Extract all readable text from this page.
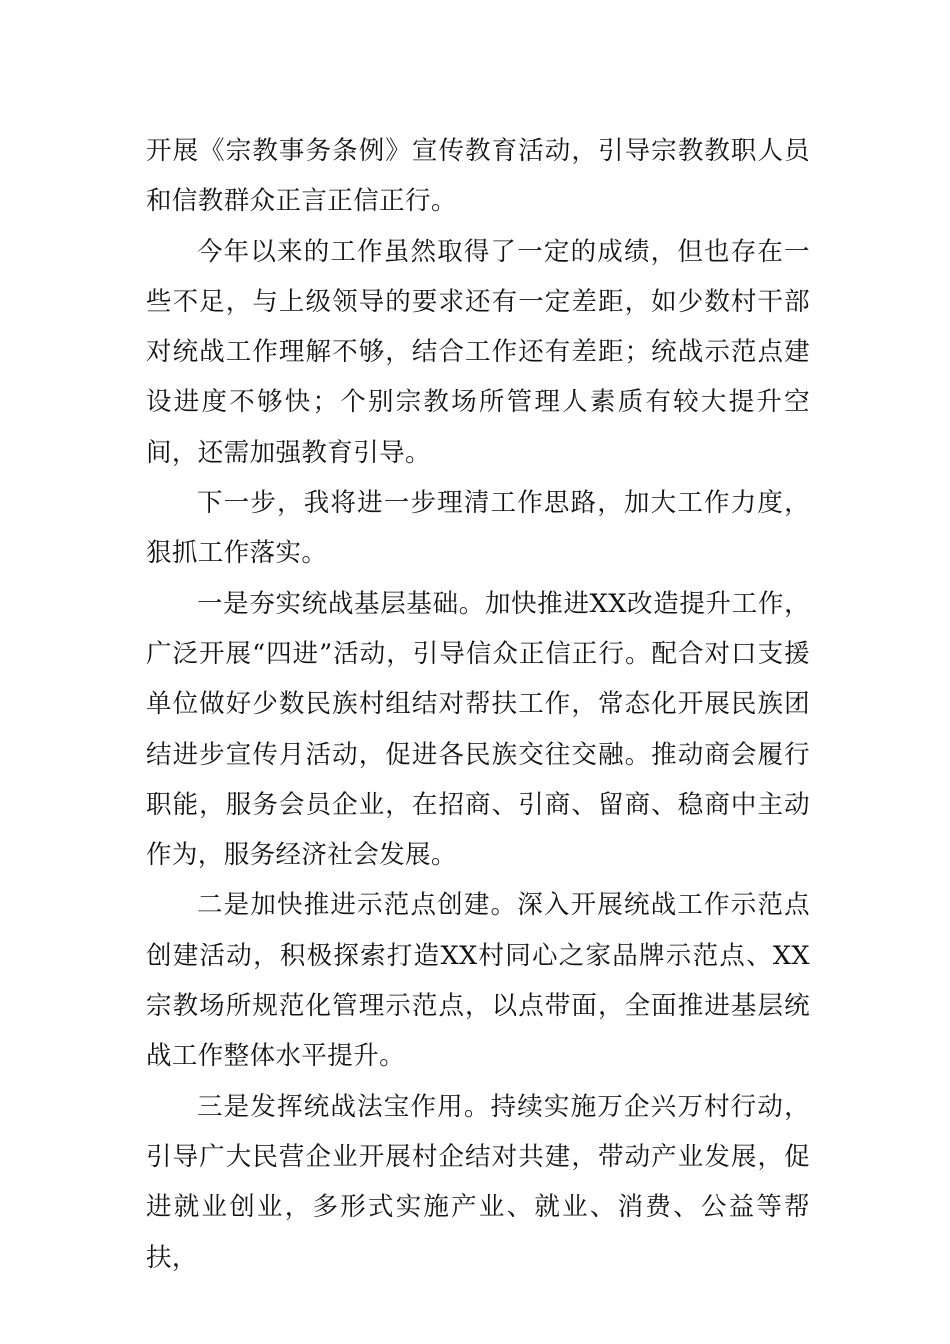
开展《宗教事务条例》宣传教育活动，引导宗教教职人员和信教群众正言正信正行。

今年以来的工作虽然取得了一定的成绩，但也存在一些不足，与上级领导的要求还有一定差距，如少数村干部对统战工作理解不够，结合工作还有差距；统战示范点建设进度不够快；个别宗教场所管理人素质有较大提升空间，还需加强教育引导。

下一步，我将进一步理清工作思路，加大工作力度，狠抓工作落实。

一是夯实统战基层基础。加快推进XX改造提升工作，广泛开展“四进”活动，引导信众正信正行。配合对口支援单位做好少数民族村组结对帮扶工作，常态化开展民族团结进步宣传月活动，促进各民族交往交融。推动商会履行职能，服务会员企业，在招商、引商、留商、稳商中主动作为，服务经济社会发展。

二是加快推进示范点创建。深入开展统战工作示范点创建活动，积极探索打造XX村同心之家品牌示范点、XX宗教场所规范化管理示范点，以点带面，全面推进基层统战工作整体水平提升。

三是发挥统战法宝作用。持续实施万企兴万村行动，引导广大民营企业开展村企结对共建，带动产业发展，促进就业创业，多形式实施产业、就业、消费、公益等帮扶，
